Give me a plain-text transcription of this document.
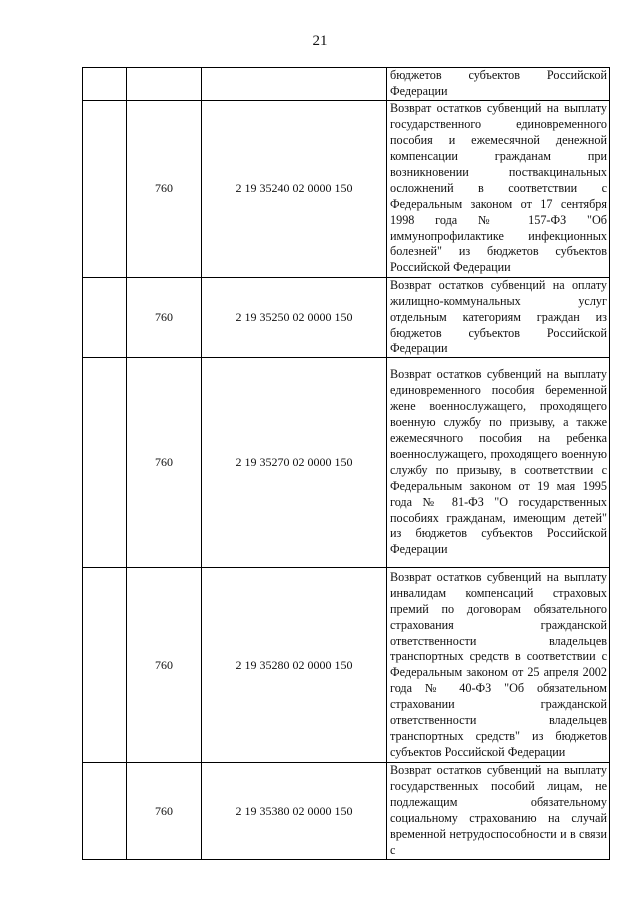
21

			бюджетов субъектов Российской Федерации

	760	2 19 35240 02 0000 150	Возврат остатков субвенций на выплату государственного единовременного пособия и ежемесячной денежной компенсации гражданам при возникновении поствакцинальных осложнений в соответствии с Федеральным законом от 17 сентября 1998 года № 157-ФЗ "Об иммунопрофилактике инфекционных болезней" из бюджетов субъектов Российской Федерации

	760	2 19 35250 02 0000 150	Возврат остатков субвенций на оплату жилищно-коммунальных услуг отдельным категориям граждан из бюджетов субъектов Российской Федерации

	760	2 19 35270 02 0000 150	Возврат остатков субвенций на выплату единовременного пособия беременной жене военнослужащего, проходящего военную службу по призыву, а также ежемесячного пособия на ребенка военнослужащего, проходящего военную службу по призыву, в соответствии с Федеральным законом от 19 мая 1995 года № 81-ФЗ "О государственных пособиях гражданам, имеющим детей" из бюджетов субъектов Российской Федерации

	760	2 19 35280 02 0000 150	Возврат остатков субвенций на выплату инвалидам компенсаций страховых премий по договорам обязательного страхования гражданской ответственности владельцев транспортных средств в соответствии с Федеральным законом от 25 апреля 2002 года № 40-ФЗ "Об обязательном страховании гражданской ответственности владельцев транспортных средств" из бюджетов субъектов Российской Федерации

	760	2 19 35380 02 0000 150	Возврат остатков субвенций на выплату государственных пособий лицам, не подлежащим обязательному социальному страхованию на случай временной нетрудоспособности и в связи с
